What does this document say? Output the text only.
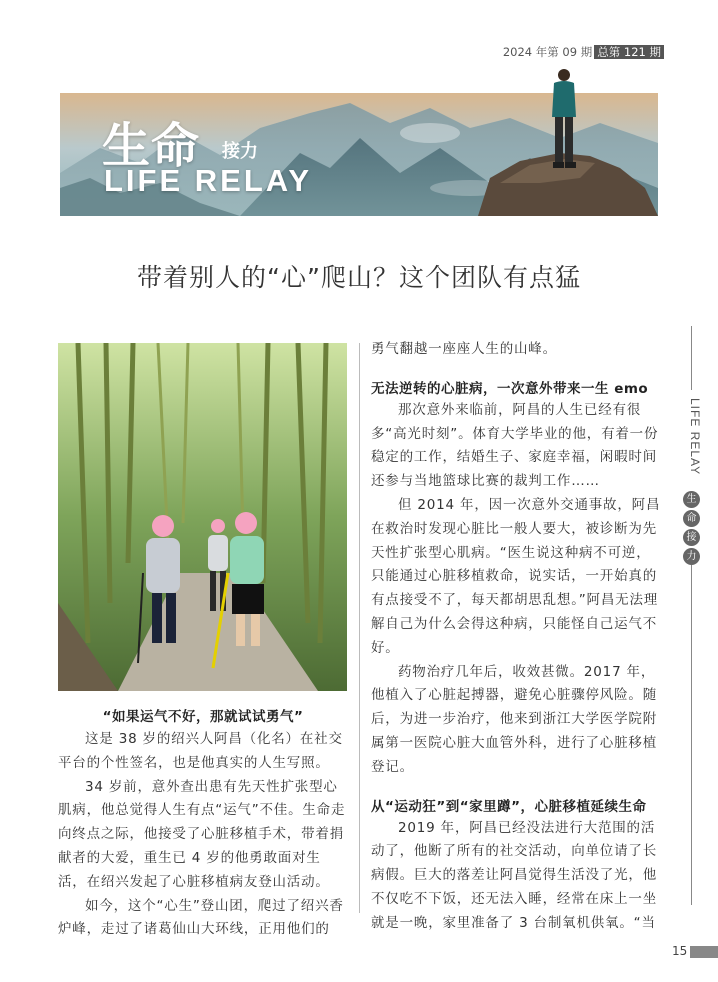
2024 年第 09 期 总第 121 期
生命 接力
LIFE RELAY
带着别人的“心”爬山？这个团队有点猛
“如果运气不好，那就试试勇气”
这是 38 岁的绍兴人阿昌（化名）在社交平台的个性签名，也是他真实的人生写照。
34 岁前，意外查出患有先天性扩张型心肌病，他总觉得人生有点“运气”不佳。生命走向终点之际，他接受了心脏移植手术，带着捐献者的大爱，重生已 4 岁的他勇敢面对生活，在绍兴发起了心脏移植病友登山活动。
如今，这个“心生”登山团，爬过了绍兴香炉峰，走过了诸葛仙山大环线，正用他们的
勇气翻越一座座人生的山峰。
无法逆转的心脏病，一次意外带来一生 emo
那次意外来临前，阿昌的人生已经有很多“高光时刻”。体育大学毕业的他，有着一份稳定的工作，结婚生子、家庭幸福，闲暇时间还参与当地篮球比赛的裁判工作……
但 2014 年，因一次意外交通事故，阿昌在救治时发现心脏比一般人要大，被诊断为先天性扩张型心肌病。“医生说这种病不可逆，只能通过心脏移植救命，说实话，一开始真的有点接受不了，每天都胡思乱想。”阿昌无法理解自己为什么会得这种病，只能怪自己运气不好。
药物治疗几年后，收效甚微。2017 年，他植入了心脏起搏器，避免心脏骤停风险。随后，为进一步治疗，他来到浙江大学医学院附属第一医院心脏大血管外科，进行了心脏移植登记。
从“运动狂”到“家里蹲”，心脏移植延续生命
2019 年，阿昌已经没法进行大范围的活动了，他断了所有的社交活动，向单位请了长病假。巨大的落差让阿昌觉得生活没了光，他不仅吃不下饭，还无法入睡，经常在床上一坐就是一晚，家里准备了 3 台制氧机供氧。“当
LIFE RELAY
生
命
接
力
15
